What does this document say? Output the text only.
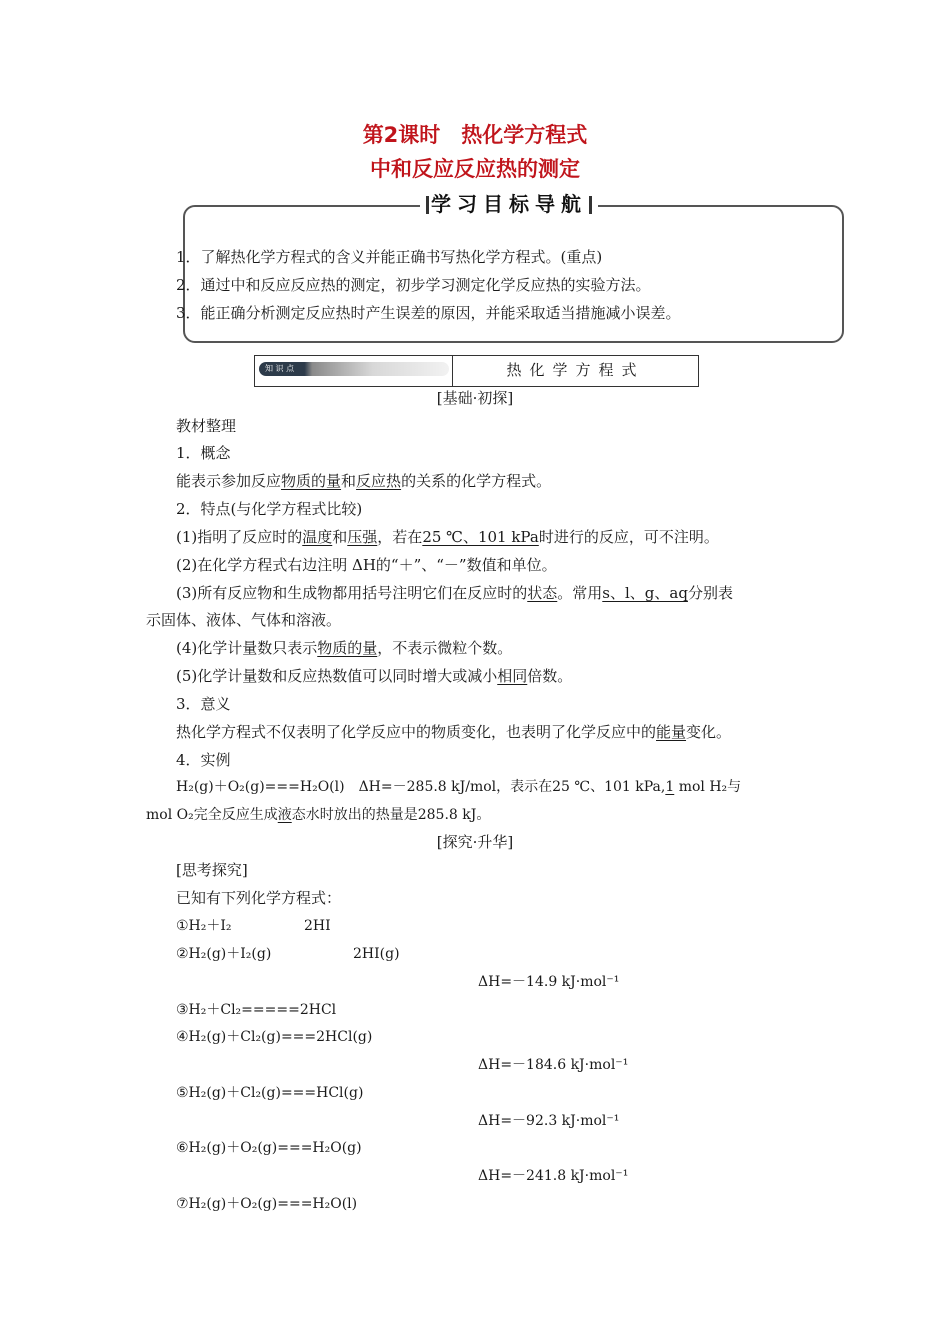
第2课时　热化学方程式
中和反应反应热的测定
学习目标导航
1．了解热化学方程式的含义并能正确书写热化学方程式。(重点)
2．通过中和反应反应热的测定，初步学习测定化学反应热的实验方法。
3．能正确分析测定反应热时产生误差的原因，并能采取适当措施减小误差。
知 识 点	热化学方程式
[基础·初探]
教材整理
1．概念
能表示参加反应物质的量和反应热的关系的化学方程式。
2．特点(与化学方程式比较)
(1)指明了反应时的温度和压强，若在25 ℃、101 kPa时进行的反应，可不注明。
(2)在化学方程式右边注明 ΔH的“＋”、“－”数值和单位。
(3)所有反应物和生成物都用括号注明它们在反应时的状态。常用s、l、g、aq分别表
示固体、液体、气体和溶液。
(4)化学计量数只表示物质的量，不表示微粒个数。
(5)化学计量数和反应热数值可以同时增大或减小相同倍数。
3．意义
热化学方程式不仅表明了化学反应中的物质变化，也表明了化学反应中的能量变化。
4．实例
H₂(g)＋O₂(g)===H₂O(l)　ΔH=－285.8 kJ/mol，表示在25 ℃、101 kPa,1 mol H₂与
mol O₂完全反应生成液态水时放出的热量是285.8 kJ。
[探究·升华]
[思考探究]
已知有下列化学方程式：
①H₂＋I₂	2HI
②H₂(g)＋I₂(g)	2HI(g)
ΔH=－14.9 kJ·mol⁻¹
③H₂＋Cl₂=====2HCl
④H₂(g)＋Cl₂(g)===2HCl(g)
ΔH=－184.6 kJ·mol⁻¹
⑤H₂(g)＋Cl₂(g)===HCl(g)
ΔH=－92.3 kJ·mol⁻¹
⑥H₂(g)＋O₂(g)===H₂O(g)
ΔH=－241.8 kJ·mol⁻¹
⑦H₂(g)＋O₂(g)===H₂O(l)
